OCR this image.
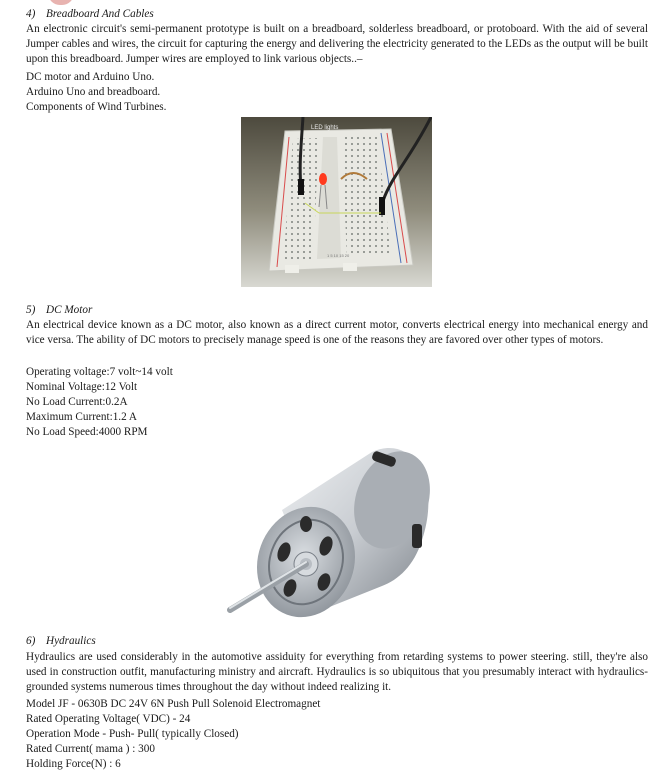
4) Breadboard And Cables
An electronic circuit's semi-permanent prototype is built on a breadboard, solderless breadboard, or protoboard. With the aid of several Jumper cables and wires, the circuit for capturing the energy and delivering the electricity generated to the LEDs as the output will be built upon this breadboard. Jumper wires are employed to link various objects..–
DC motor and Arduino Uno.
Arduino Uno and breadboard.
Components of Wind Turbines.
LED lights
1 5 10 15 20
5) DC Motor
An electrical device known as a DC motor, also known as a direct current motor, converts electrical energy into mechanical energy and vice versa. The ability of DC motors to precisely manage speed is one of the reasons they are favored over other types of motors.
Operating voltage:7 volt~14 volt
Nominal Voltage:12 Volt
No Load Current:0.2A
Maximum Current:1.2 A
No Load Speed:4000 RPM
6) Hydraulics
Hydraulics are used considerably in the automotive assiduity for everything from retarding systems to power steering. still, they're also used in construction outfit, manufacturing ministry and aircraft. Hydraulics is so ubiquitous that you presumably interact with hydraulics- grounded systems numerous times throughout the day without indeed realizing it.
Model JF - 0630B DC 24V 6N Push Pull Solenoid Electromagnet
Rated Operating Voltage( VDC) - 24
Operation Mode - Push- Pull( typically Closed)
Rated Current( mama ) : 300
Holding Force(N) : 6
